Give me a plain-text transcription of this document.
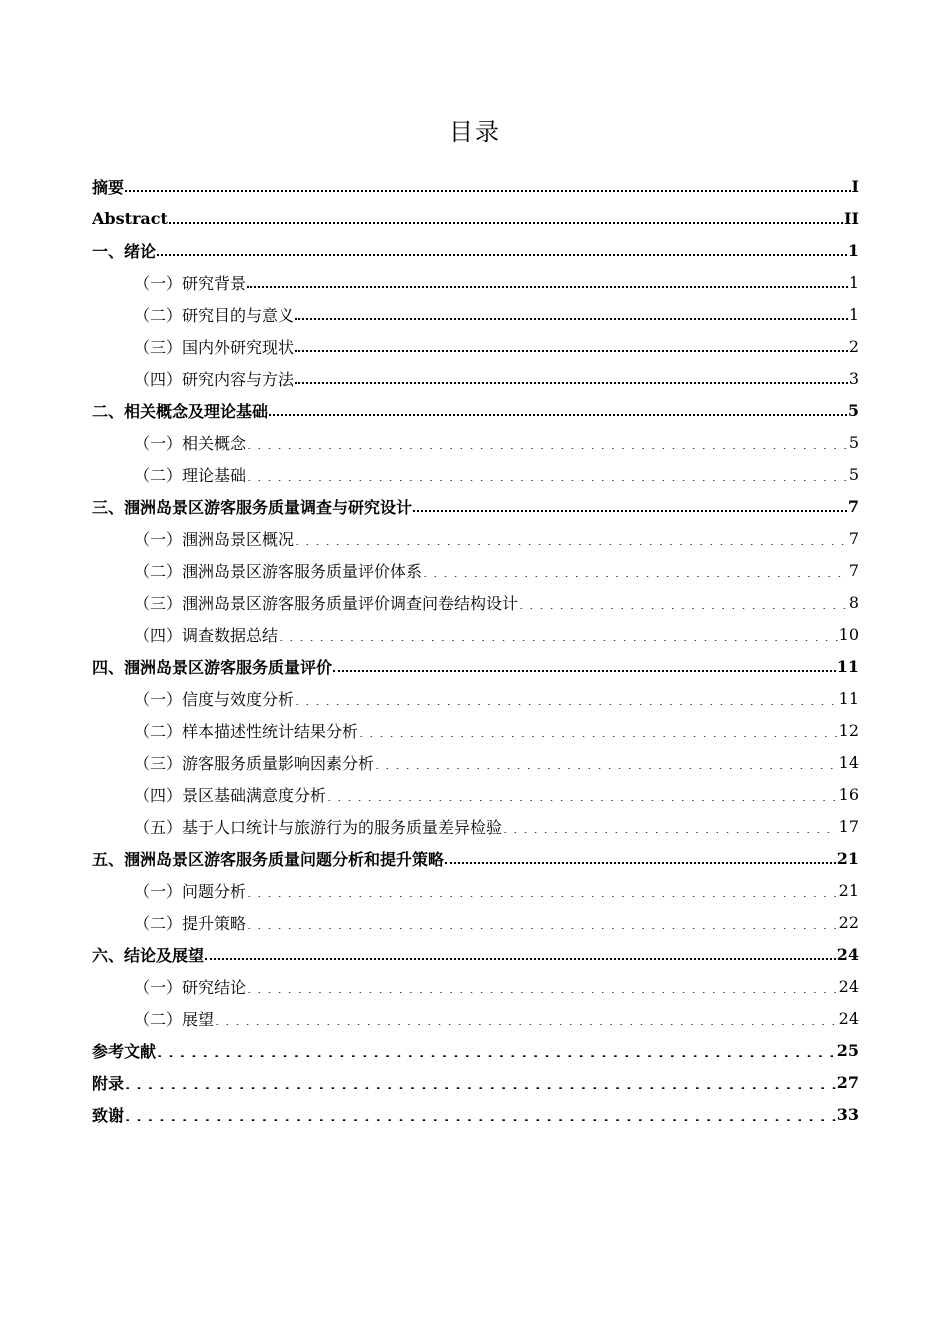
目录
摘要	I
Abstract	II
一、绪论	1
（一）研究背景	1
（二）研究目的与意义	1
（三）国内外研究现状	2
（四）研究内容与方法	3
二、相关概念及理论基础	5
（一）相关概念 . . .	5
（二）理论基础 . . .	5
三、涠洲岛景区游客服务质量调查与研究设计	7
（一）涠洲岛景区概况 . . .	7
（二）涠洲岛景区游客服务质量评价体系 . . .	7
（三）涠洲岛景区游客服务质量评价调查问卷结构设计 . . .	8
（四）调查数据总结 . . .	10
四、涠洲岛景区游客服务质量评价	11
（一）信度与效度分析 . . .	11
（二）样本描述性统计结果分析 . . .	12
（三）游客服务质量影响因素分析 . . .	14
（四）景区基础满意度分析 . . .	16
（五）基于人口统计与旅游行为的服务质量差异检验 . . .	17
五、涠洲岛景区游客服务质量问题分析和提升策略	21
（一）问题分析 . . .	21
（二）提升策略 . . .	22
六、结论及展望	24
（一）研究结论 . . .	24
（二）展望 . . .	24
参考文献 . . .	25
附录 . . .	27
致谢 . . .	33
